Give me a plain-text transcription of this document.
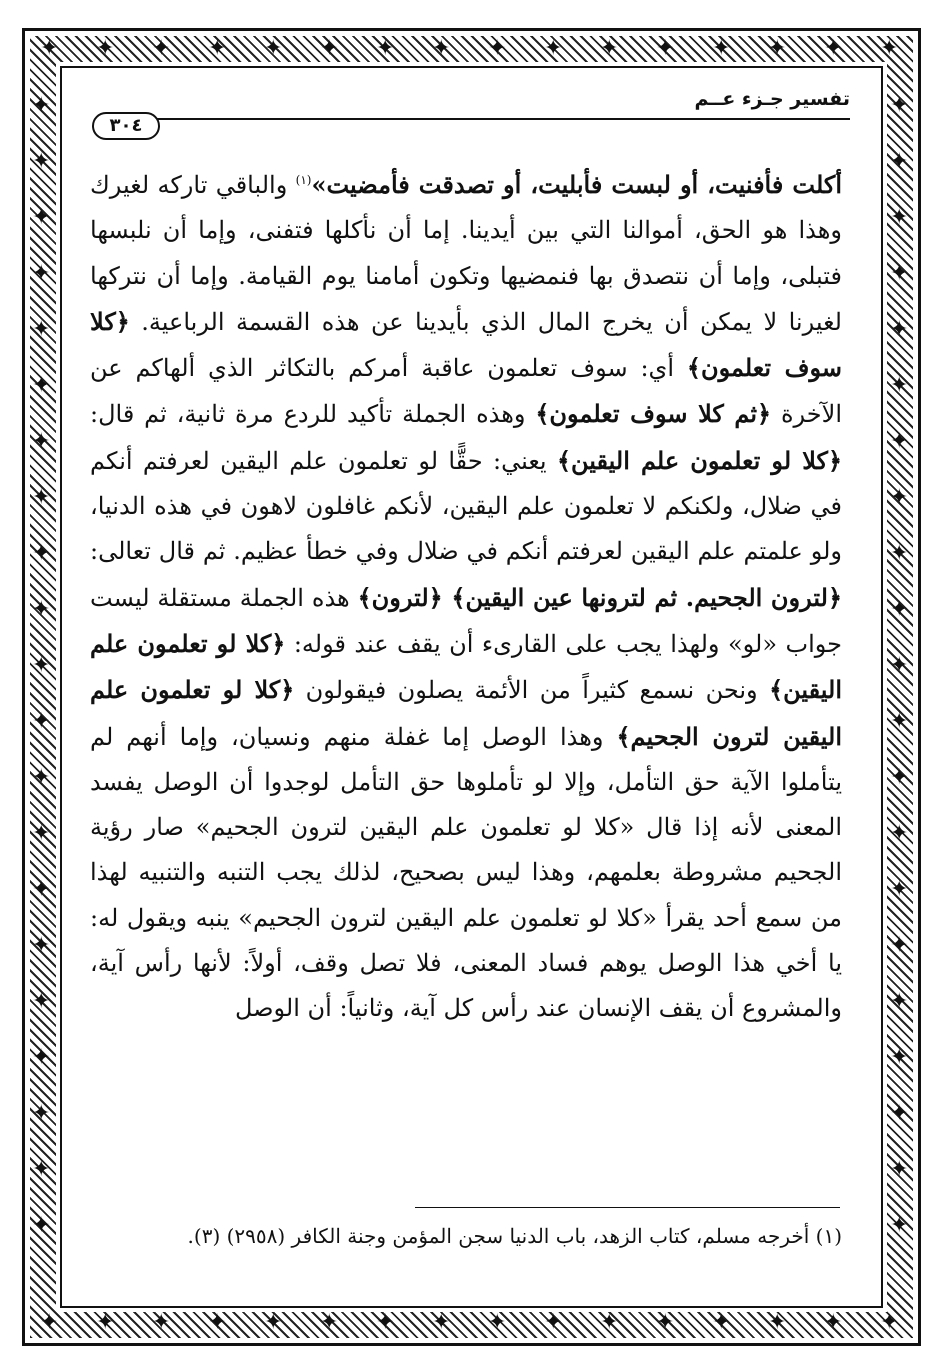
✦
✦
✦
✦
✦
✦
✦
✦
✦
✦
✦
✦
✦
✦
✦
✦
✦
✦
✦
✦
✦
✦
✦
✦
✦
✦
✦
✦
✦
✦
✦
✦
✦	✦
✦	✦
✦	✦
✦	✦
✦	✦
✦	✦
✦	✦
✦	✦
✦	✦
✦	✦
✦	✦
✦	✦
✦	✦
✦	✦
✦	✦
✦	✦
✦	✦
✦	✦
✦	✦
✦	✦
✦	✦
تفسير جـزء عــم
٣٠٤

أكلت فأفنيت، أو لبست فأبليت، أو تصدقت فأمضيت»$^{(١)}$ والباقي تاركه لغيرك وهذا هو الحق، أموالنا التي بين أيدينا. إما أن نأكلها فتفنى، وإما أن نلبسها فتبلى، وإما أن نتصدق بها فنمضيها وتكون أمامنا يوم القيامة. وإما أن نتركها لغيرنا لا يمكن أن يخرج المال الذي بأيدينا عن هذه القسمة الرباعية. ﴿كلا سوف تعلمون﴾ أي: سوف تعلمون عاقبة أمركم بالتكاثر الذي ألهاكم عن الآخرة ﴿ثم كلا سوف تعلمون﴾ وهذه الجملة تأكيد للردع مرة ثانية، ثم قال: ﴿كلا لو تعلمون علم اليقين﴾ يعني: حقًّا لو تعلمون علم اليقين لعرفتم أنكم في ضلال، ولكنكم لا تعلمون علم اليقين، لأنكم غافلون لاهون في هذه الدنيا، ولو علمتم علم اليقين لعرفتم أنكم في ضلال وفي خطأ عظيم. ثم قال تعالى: ﴿لترون الجحيم. ثم لترونها عين اليقين﴾ ﴿لترون﴾ هذه الجملة مستقلة ليست جواب «لو» ولهذا يجب على القارىء أن يقف عند قوله: ﴿كلا لو تعلمون علم اليقين﴾ ونحن نسمع كثيراً من الأئمة يصلون فيقولون ﴿كلا لو تعلمون علم اليقين لترون الجحيم﴾ وهذا الوصل إما غفلة منهم ونسيان، وإما أنهم لم يتأملوا الآية حق التأمل، وإلا لو تأملوها حق التأمل لوجدوا أن الوصل يفسد المعنى لأنه إذا قال «كلا لو تعلمون علم اليقين لترون الجحيم» صار رؤية الجحيم مشروطة بعلمهم، وهذا ليس بصحيح، لذلك يجب التنبه والتنبيه لهذا من سمع أحد يقرأ «كلا لو تعلمون علم اليقين لترون الجحيم» ينبه ويقول له: يا أخي هذا الوصل يوهم فساد المعنى، فلا تصل وقف، أولاً: لأنها رأس آية، والمشروع أن يقف الإنسان عند رأس كل آية، وثانياً: أن الوصل

(١) أخرجه مسلم، كتاب الزهد، باب الدنيا سجن المؤمن وجنة الكافر (٢٩٥٨) (٣).
